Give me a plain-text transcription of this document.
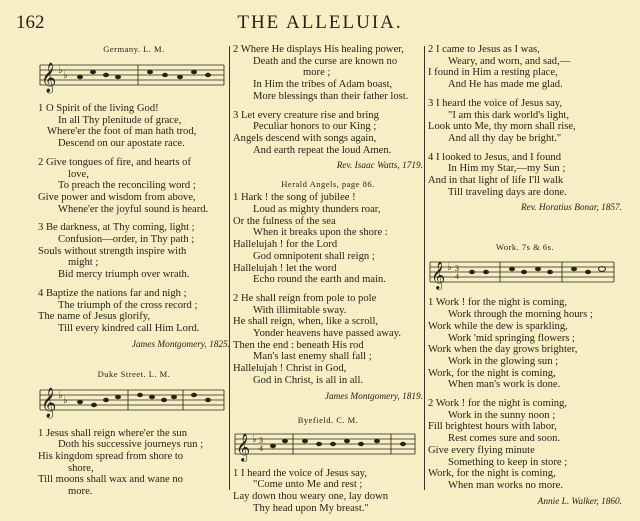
162	THE ALLELUIA.
Germany. L. M.
𝄞 ♭ ♭
1 O Spirit of the living God!
In all Thy plenitude of grace,
Where'er the foot of man hath trod,
Descend on our apostate race.
2 Give tongues of fire, and hearts of
love,
To preach the reconciling word ;
Give power and wisdom from above,
Whene'er the joyful sound is heard.
3 Be darkness, at Thy coming, light ;
Confusion—order, in Thy path ;
Souls without strength inspire with
might ;
Bid mercy triumph over wrath.
4 Baptize the nations far and nigh ;
The triumph of the cross record ;
The name of Jesus glorify,
Till every kindred call Him Lord.
James Montgomery, 1825.
Duke Street. L. M.
𝄞 ♭ ♭
1 Jesus shall reign where'er the sun
Doth his successive journeys run ;
His kingdom spread from shore to
shore,
Till moons shall wax and wane no
more.
2 Where He displays His healing power,
Death and the curse are known no
more ;
In Him the tribes of Adam boast,
More blessings than their father lost.
3 Let every creature rise and bring
Peculiar honors to our King ;
Angels descend with songs again,
And earth repeat the loud Amen.
Rev. Isaac Watts, 1719.
Herald Angels, page 86.
1 Hark ! the song of jubilee !
Loud as mighty thunders roar,
Or the fulness of the sea
When it breaks upon the shore :
Hallelujah ! for the Lord
God omnipotent shall reign ;
Hallelujah ! let the word
Echo round the earth and main.
2 He shall reign from pole to pole
With illimitable sway.
He shall reign, when, like a scroll,
Yonder heavens have passed away.
Then the end : beneath His rod
Man's last enemy shall fall ;
Hallelujah ! Christ in God,
God in Christ, is all in all.
James Montgomery, 1819.
Byefield. C. M.
𝄞 ♭ 3
4
1 I heard the voice of Jesus say,
"Come unto Me and rest ;
Lay down thou weary one, lay down
Thy head upon My breast."
2 I came to Jesus as I was,
Weary, and worn, and sad,—
I found in Him a resting place,
And He has made me glad.
3 I heard the voice of Jesus say,
"I am this dark world's light,
Look unto Me, thy morn shall rise,
And all thy day be bright."
4 I looked to Jesus, and I found
In Him my Star,—my Sun ;
And in that light of life I'll walk
Till traveling days are done.
Rev. Horatius Bonar, 1857.
Work. 7s & 6s.
𝄞 ♭ 3
4
1 Work ! for the night is coming,
Work through the morning hours ;
Work while the dew is sparkling,
Work 'mid springing flowers ;
Work when the day grows brighter,
Work in the glowing sun ;
Work, for the night is coming,
When man's work is done.
2 Work ! for the night is coming,
Work in the sunny noon ;
Fill brightest hours with labor,
Rest comes sure and soon.
Give every flying minute
Something to keep in store ;
Work, for the night is coming,
When man works no more.
Annie L. Walker, 1860.
